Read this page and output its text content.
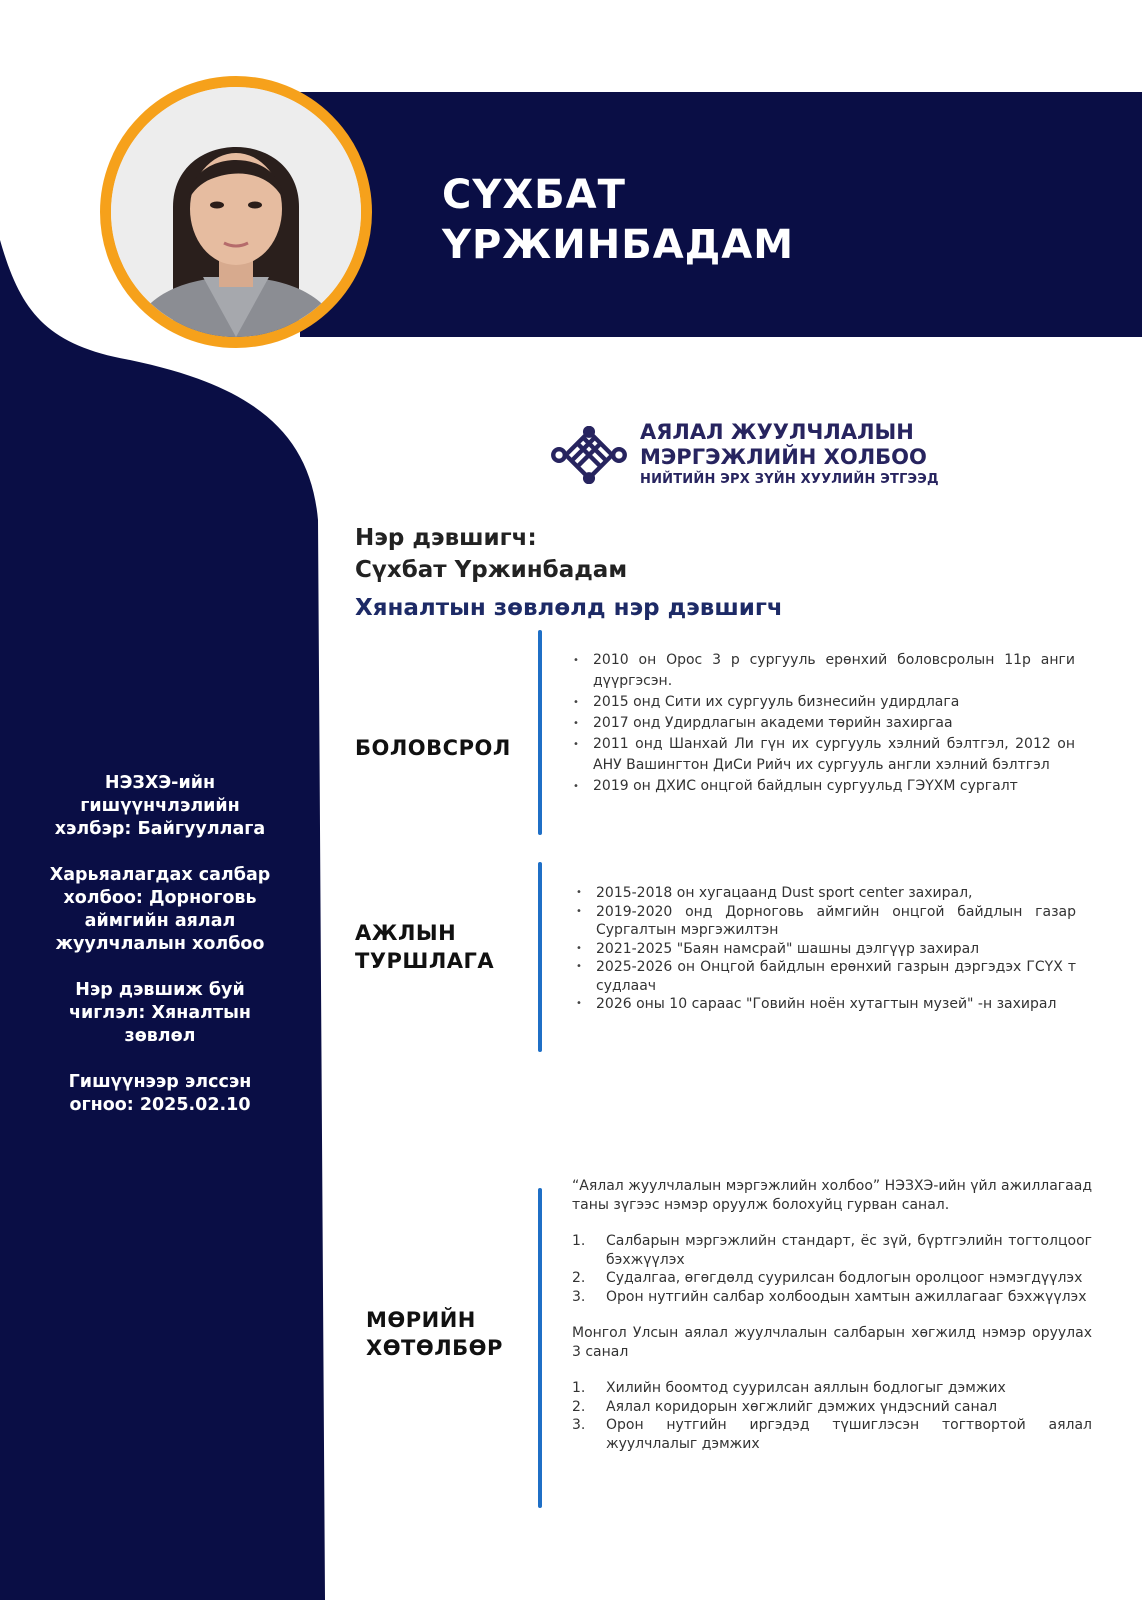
СҮХБАТ
ҮРЖИНБАДАМ
АЯЛАЛ ЖУУЛЧЛАЛЫН
МЭРГЭЖЛИЙН ХОЛБОО
НИЙТИЙН ЭРХ ЗҮЙН ХУУЛИЙН ЭТГЭЭД
Нэр дэвшигч:
Сүхбат Үржинбадам
Хяналтын зөвлөлд нэр дэвшигч

НЭЗХЭ-ийн гишүүнчлэлийн хэлбэр: Байгууллага

Харьяалагдах салбар холбоо: Дорноговь аймгийн аялал жуулчлалын холбоо

Нэр дэвшиж буй чиглэл: Хяналтын зөвлөл

Гишүүнээр элссэн огноо: 2025.02.10

БОЛОВСРОЛ
• 2010 он Орос 3 р сургууль ерөнхий боловсролын 11р анги дүүргэсэн.
• 2015 онд Сити их сургууль бизнесийн удирдлага
• 2017 онд Удирдлагын академи төрийн захиргаа
• 2011 онд Шанхай Ли гүн их сургууль хэлний бэлтгэл, 2012 он АНУ Вашингтон ДиСи Рийч их сургууль англи хэлний бэлтгэл
• 2019 он ДХИС онцгой байдлын сургуульд ГЭҮХМ сургалт
АЖЛЫН
ТУРШЛАГА
• 2015-2018 он хугацаанд Dust sport center захирал,
• 2019-2020 онд Дорноговь аймгийн онцгой байдлын газар Сургалтын мэргэжилтэн
• 2021-2025 "Баян намсрай" шашны дэлгүүр захирал
• 2025-2026 он Онцгой байдлын ерөнхий газрын дэргэдэх ГСҮХ т судлаач
• 2026 оны 10 сараас "Говийн ноён хутагтын музей" -н захирал
МӨРИЙН
ХӨТӨЛБӨР

“Аялал жуулчлалын мэргэжлийн холбоо” НЭЗХЭ-ийн үйл ажиллагаад таны зүгээс нэмэр оруулж болохуйц гурван санал.

1. Салбарын мэргэжлийн стандарт, ёс зүй, бүртгэлийн тогтолцоог бэхжүүлэх
2. Судалгаа, өгөгдөлд суурилсан бодлогын оролцоог нэмэгдүүлэх
3. Орон нутгийн салбар холбоодын хамтын ажиллагааг бэхжүүлэх

Монгол Улсын аялал жуулчлалын салбарын хөгжилд нэмэр оруулах 3 санал

1. Хилийн боомтод суурилсан аяллын бодлогыг дэмжих
2. Аялал коридорын хөгжлийг дэмжих үндэсний санал
3. Орон нутгийн иргэдэд түшиглэсэн тогтвортой аялал жуулчлалыг дэмжих
